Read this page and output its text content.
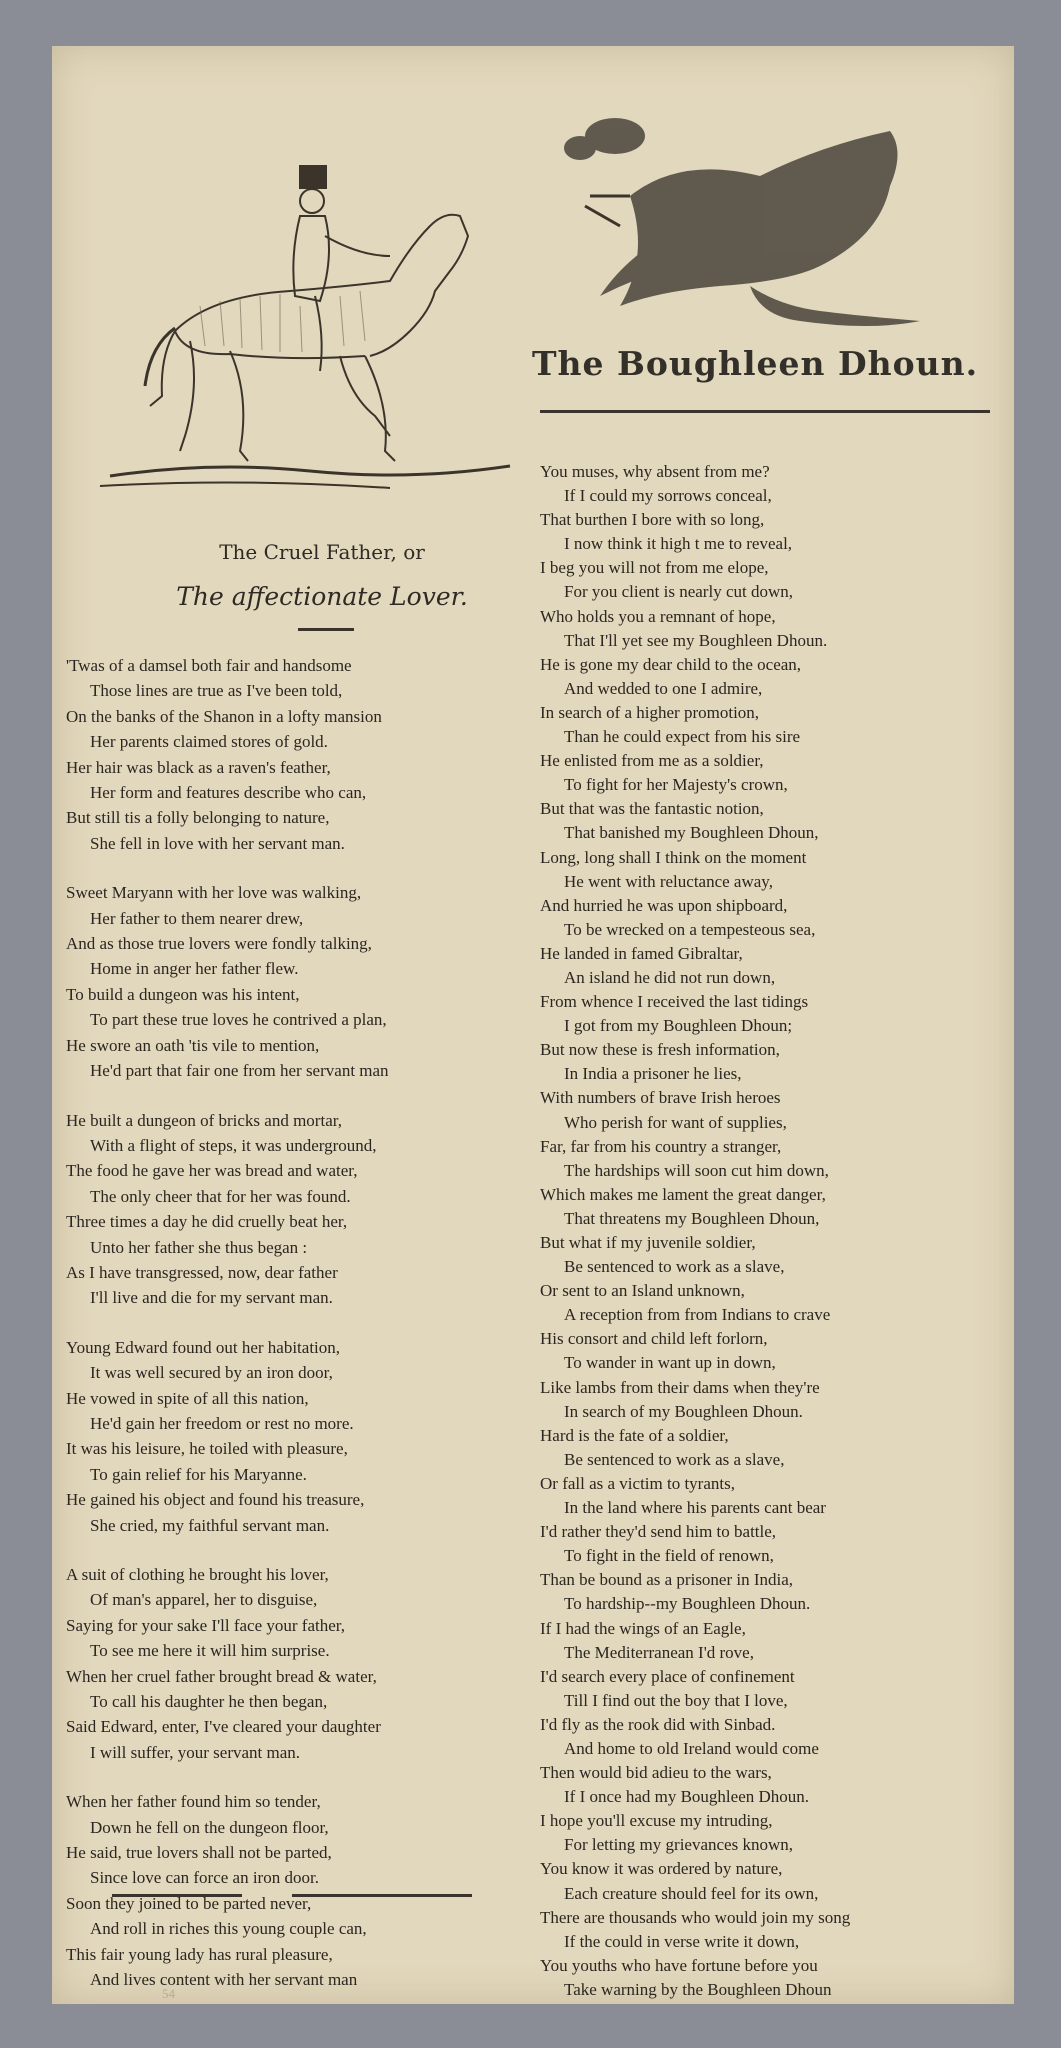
The Boughleen Dhoun.
The Cruel Father, or
The affectionate Lover.
'Twas of a damsel both fair and handsome
Those lines are true as I've been told,
On the banks of the Shanon in a lofty mansion
Her parents claimed stores of gold.
Her hair was black as a raven's feather,
Her form and features describe who can,
But still tis a folly belonging to nature,
She fell in love with her servant man.
Sweet Maryann with her love was walking,
Her father to them nearer drew,
And as those true lovers were fondly talking,
Home in anger her father flew.
To build a dungeon was his intent,
To part these true loves he contrived a plan,
He swore an oath 'tis vile to mention,
He'd part that fair one from her servant man
He built a dungeon of bricks and mortar,
With a flight of steps, it was underground,
The food he gave her was bread and water,
The only cheer that for her was found.
Three times a day he did cruelly beat her,
Unto her father she thus began :
As I have transgressed, now, dear father
I'll live and die for my servant man.
Young Edward found out her habitation,
It was well secured by an iron door,
He vowed in spite of all this nation,
He'd gain her freedom or rest no more.
It was his leisure, he toiled with pleasure,
To gain relief for his Maryanne.
He gained his object and found his treasure,
She cried, my faithful servant man.
A suit of clothing he brought his lover,
Of man's apparel, her to disguise,
Saying for your sake I'll face your father,
To see me here it will him surprise.
When her cruel father brought bread & water,
To call his daughter he then began,
Said Edward, enter, I've cleared your daughter
I will suffer, your servant man.
When her father found him so tender,
Down he fell on the dungeon floor,
He said, true lovers shall not be parted,
Since love can force an iron door.
Soon they joined to be parted never,
And roll in riches this young couple can,
This fair young lady has rural pleasure,
And lives content with her servant man
You muses, why absent from me?
If I could my sorrows conceal,
That burthen I bore with so long,
I now think it high t me to reveal,
I beg you will not from me elope,
For you client is nearly cut down,
Who holds you a remnant of hope,
That I'll yet see my Boughleen Dhoun.
He is gone my dear child to the ocean,
And wedded to one I admire,
In search of a higher promotion,
Than he could expect from his sire
He enlisted from me as a soldier,
To fight for her Majesty's crown,
But that was the fantastic notion,
That banished my Boughleen Dhoun,
Long, long shall I think on the moment
He went with reluctance away,
And hurried he was upon shipboard,
To be wrecked on a tempesteous sea,
He landed in famed Gibraltar,
An island he did not run down,
From whence I received the last tidings
I got from my Boughleen Dhoun;
But now these is fresh information,
In India a prisoner he lies,
With numbers of brave Irish heroes
Who perish for want of supplies,
Far, far from his country a stranger,
The hardships will soon cut him down,
Which makes me lament the great danger,
That threatens my Boughleen Dhoun,
But what if my juvenile soldier,
Be sentenced to work as a slave,
Or sent to an Island unknown,
A reception from from Indians to crave
His consort and child left forlorn,
To wander in want up in down,
Like lambs from their dams when they're
In search of my Boughleen Dhoun.
Hard is the fate of a soldier,
Be sentenced to work as a slave,
Or fall as a victim to tyrants,
In the land where his parents cant bear
I'd rather they'd send him to battle,
To fight in the field of renown,
Than be bound as a prisoner in India,
To hardship--my Boughleen Dhoun.
If I had the wings of an Eagle,
The Mediterranean I'd rove,
I'd search every place of confinement
Till I find out the boy that I love,
I'd fly as the rook did with Sinbad.
And home to old Ireland would come
Then would bid adieu to the wars,
If I once had my Boughleen Dhoun.
I hope you'll excuse my intruding,
For letting my grievances known,
You know it was ordered by nature,
Each creature should feel for its own,
There are thousands who would join my song
If the could in verse write it down,
You youths who have fortune before you
Take warning by the Boughleen Dhoun
54
